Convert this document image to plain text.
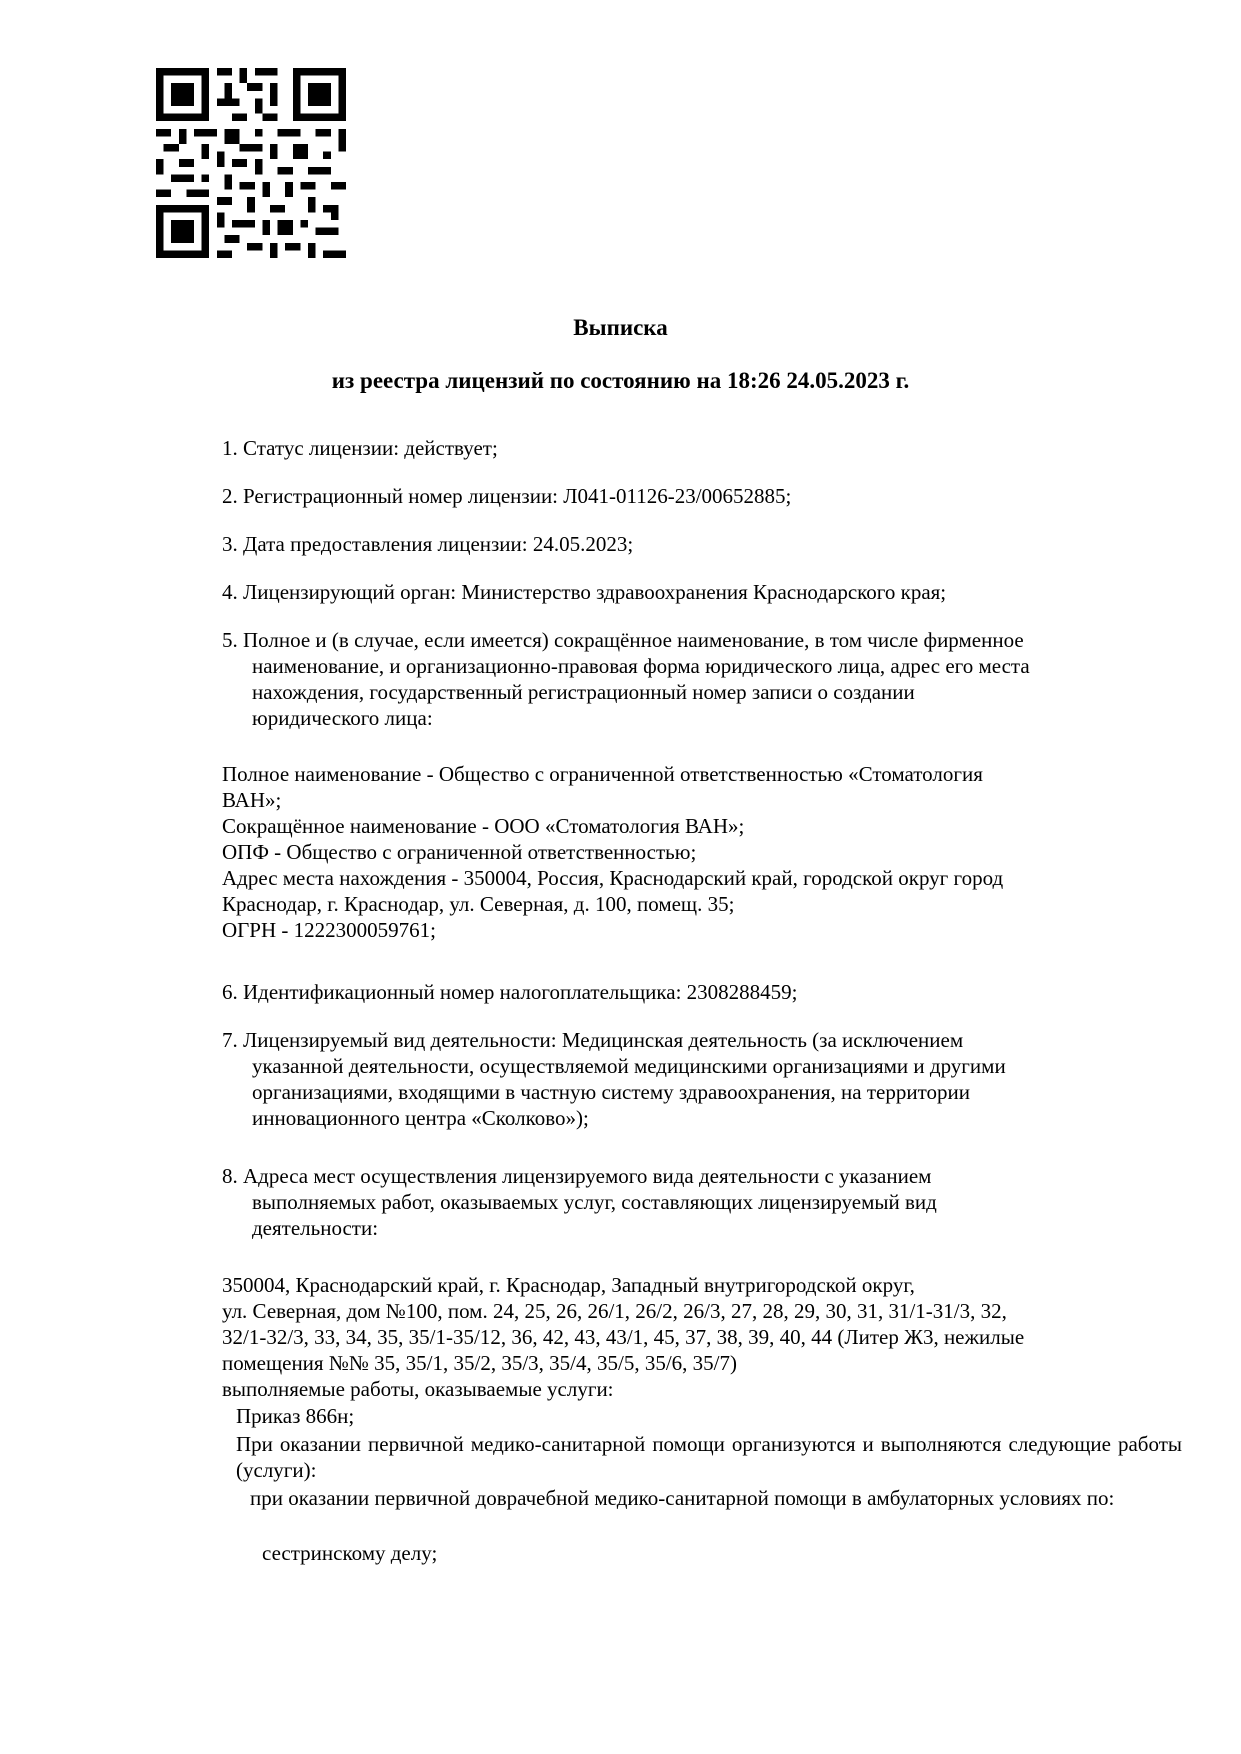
Выписка
из реестра лицензий по состоянию на 18:26 24.05.2023 г.
1. Статус лицензии: действует;
2. Регистрационный номер лицензии: Л041-01126-23/00652885;
3. Дата предоставления лицензии: 24.05.2023;
4. Лицензирующий орган: Министерство здравоохранения Краснодарского края;
5. Полное и (в случае, если имеется) сокращённое наименование, в том числе фирменное
наименование, и организационно-правовая форма юридического лица, адрес его места
нахождения, государственный регистрационный номер записи о создании
юридического лица:
Полное наименование - Общество с ограниченной ответственностью «Стоматология
ВАН»;
Сокращённое наименование - ООО «Стоматология ВАН»;
ОПФ - Общество с ограниченной ответственностью;
Адрес места нахождения - 350004, Россия, Краснодарский край, городской округ город
Краснодар, г. Краснодар, ул. Северная, д. 100, помещ. 35;
ОГРН - 1222300059761;
6. Идентификационный номер налогоплательщика: 2308288459;
7. Лицензируемый вид деятельности: Медицинская деятельность (за исключением
указанной деятельности, осуществляемой медицинскими организациями и другими
организациями, входящими в частную систему здравоохранения, на территории
инновационного центра «Сколково»);
8. Адреса мест осуществления лицензируемого вида деятельности с указанием
выполняемых работ, оказываемых услуг, составляющих лицензируемый вид
деятельности:
350004, Краснодарский край, г. Краснодар, Западный внутригородской округ,
ул. Северная, дом №100, пом. 24, 25, 26, 26/1, 26/2, 26/3, 27, 28, 29, 30, 31, 31/1-31/3, 32,
32/1-32/3, 33, 34, 35, 35/1-35/12, 36, 42, 43, 43/1, 45, 37, 38, 39, 40, 44 (Литер Ж3, нежилые
помещения №№ 35, 35/1, 35/2, 35/3, 35/4, 35/5, 35/6, 35/7)
выполняемые работы, оказываемые услуги:
Приказ 866н;
При оказании первичной медико-санитарной помощи организуются и выполняются следующие работы (услуги):
при оказании первичной доврачебной медико-санитарной помощи в амбулаторных условиях по:
сестринскому делу;
